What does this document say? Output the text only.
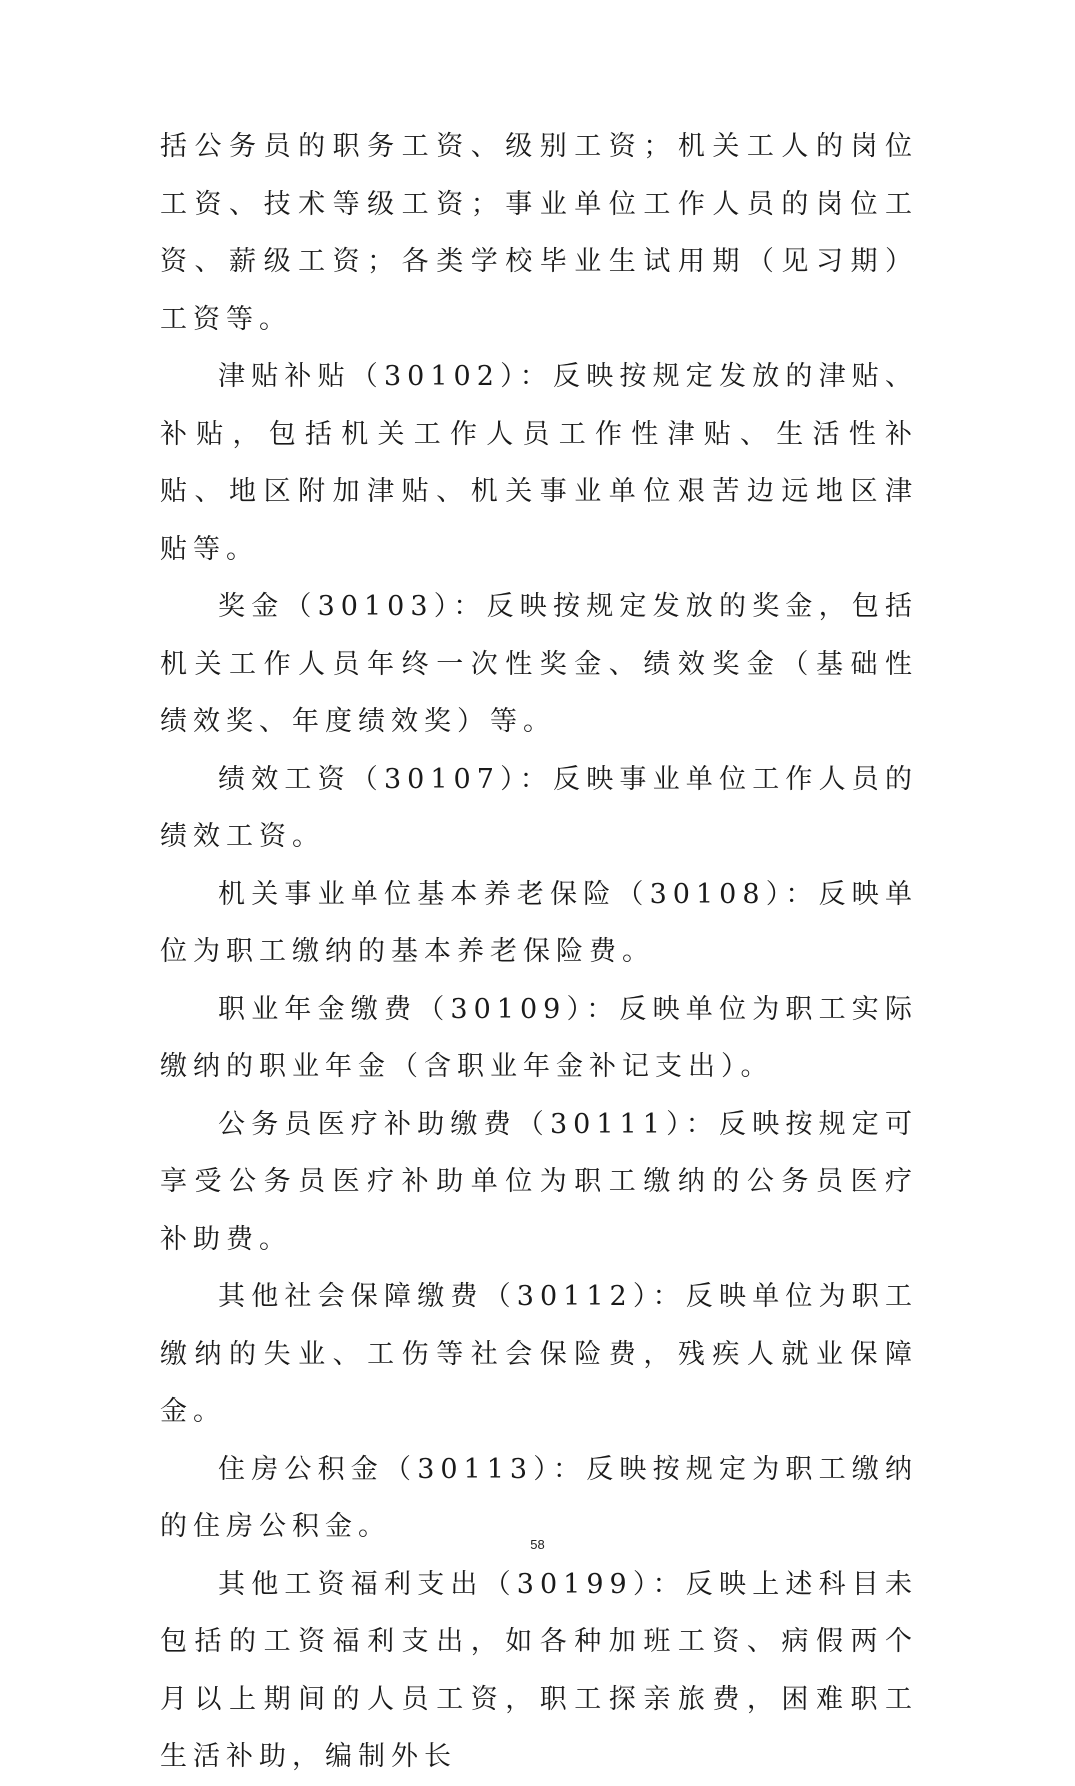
括公务员的职务工资、级别工资；机关工人的岗位工资、技术等级工资；事业单位工作人员的岗位工资、薪级工资；各类学校毕业生试用期（见习期）工资等。

津贴补贴（30102）：反映按规定发放的津贴、补贴，包括机关工作人员工作性津贴、生活性补贴、地区附加津贴、机关事业单位艰苦边远地区津贴等。

奖金（30103）：反映按规定发放的奖金，包括机关工作人员年终一次性奖金、绩效奖金（基础性绩效奖、年度绩效奖）等。

绩效工资（30107）：反映事业单位工作人员的绩效工资。

机关事业单位基本养老保险（30108）：反映单位为职工缴纳的基本养老保险费。

职业年金缴费（30109）：反映单位为职工实际缴纳的职业年金（含职业年金补记支出）。

公务员医疗补助缴费（30111）：反映按规定可享受公务员医疗补助单位为职工缴纳的公务员医疗补助费。

其他社会保障缴费（30112）：反映单位为职工缴纳的失业、工伤等社会保险费，残疾人就业保障金。

住房公积金（30113）：反映按规定为职工缴纳的住房公积金。

其他工资福利支出（30199）：反映上述科目未包括的工资福利支出，如各种加班工资、病假两个月以上期间的人员工资，职工探亲旅费，困难职工生活补助，编制外长

58
